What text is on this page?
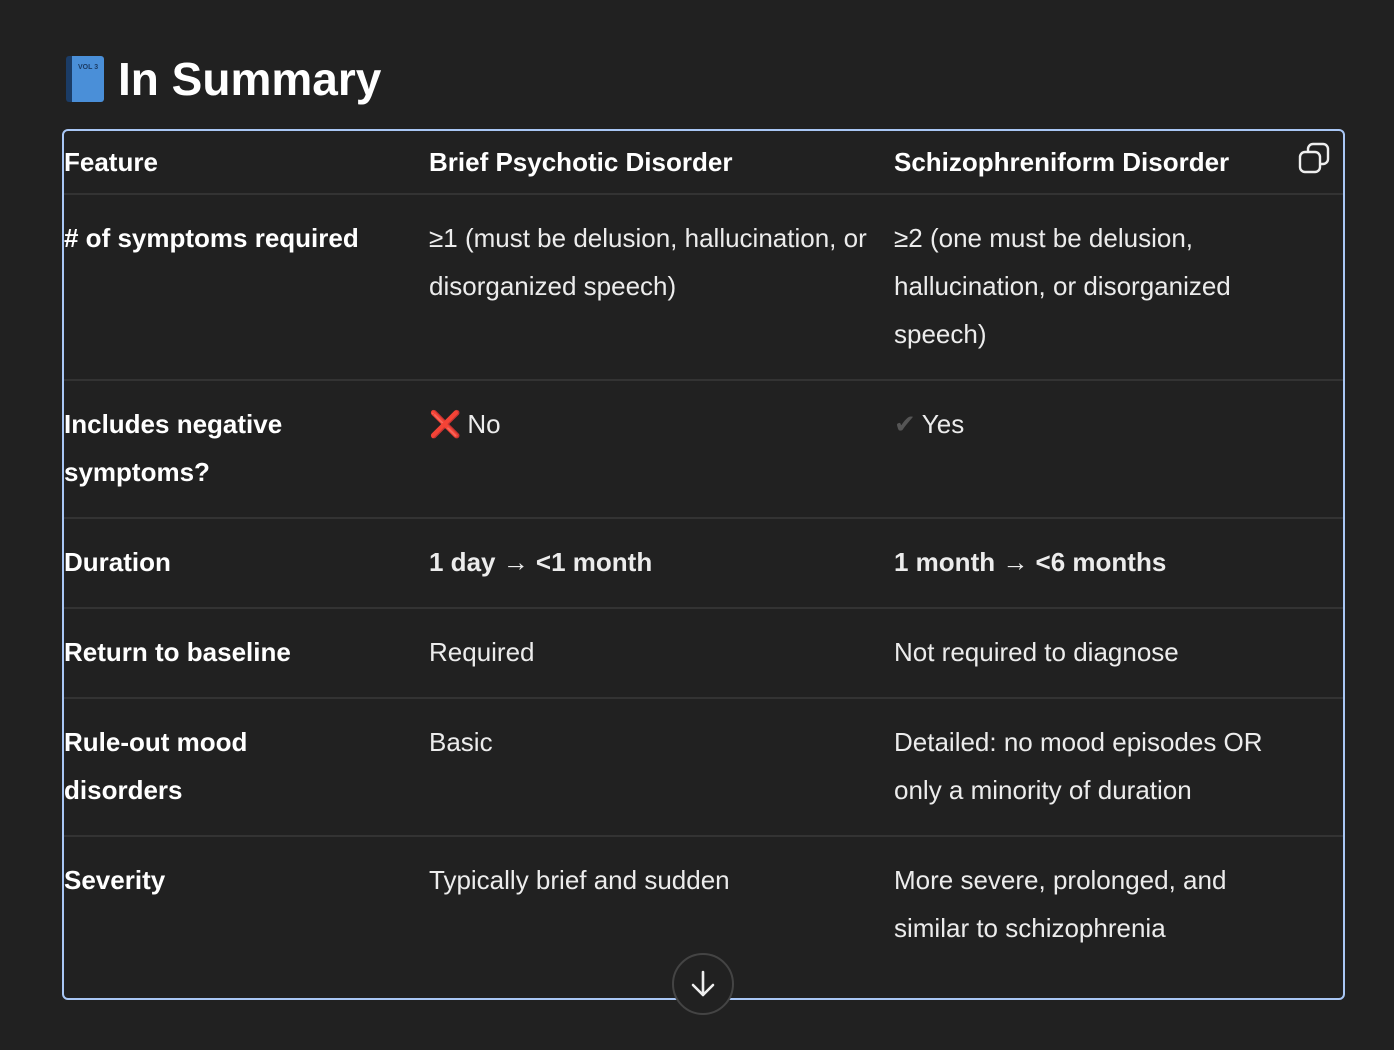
VOL 3 In Summary
Feature	Brief Psychotic Disorder	Schizophreniform Disorder
# of symptoms required	≥1 (must be delusion, hallucination, or disorganized speech)	≥2 (one must be delusion, hallucination, or disorganized speech)
Includes negative symptoms?	❌ No	✔ Yes
Duration	1 day → <1 month	1 month → <6 months
Return to baseline	Required	Not required to diagnose
Rule-out mood disorders	Basic	Detailed: no mood episodes OR only a minority of duration
Severity	Typically brief and sudden	More severe, prolonged, and similar to schizophrenia
